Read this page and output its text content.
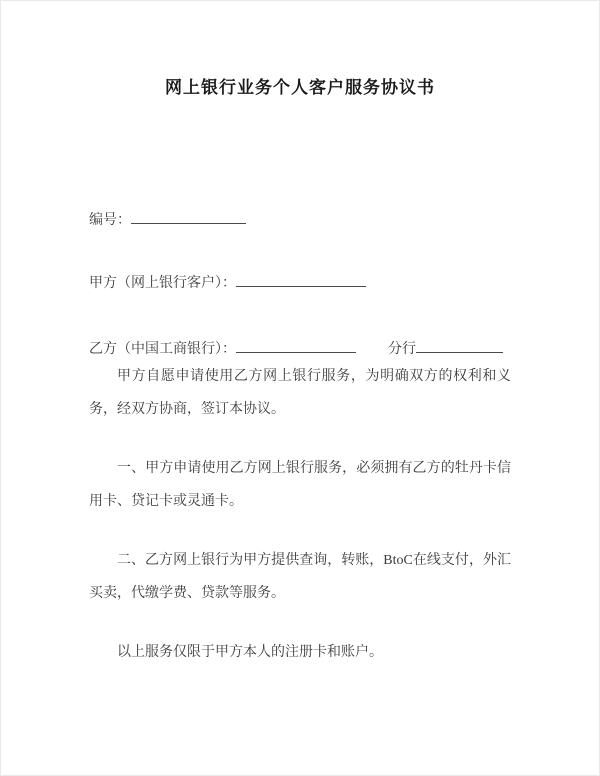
网上银行业务个人客户服务协议书
编号：
甲方（网上银行客户）：
乙方（中国工商银行）：	分行

甲方自愿申请使用乙方网上银行服务，为明确双方的权利和义务，经双方协商，签订本协议。

一、甲方申请使用乙方网上银行服务，必须拥有乙方的牡丹卡信用卡、贷记卡或灵通卡。

二、乙方网上银行为甲方提供查询，转账，BtoC在线支付，外汇买卖，代缴学费、贷款等服务。

以上服务仅限于甲方本人的注册卡和账户。
